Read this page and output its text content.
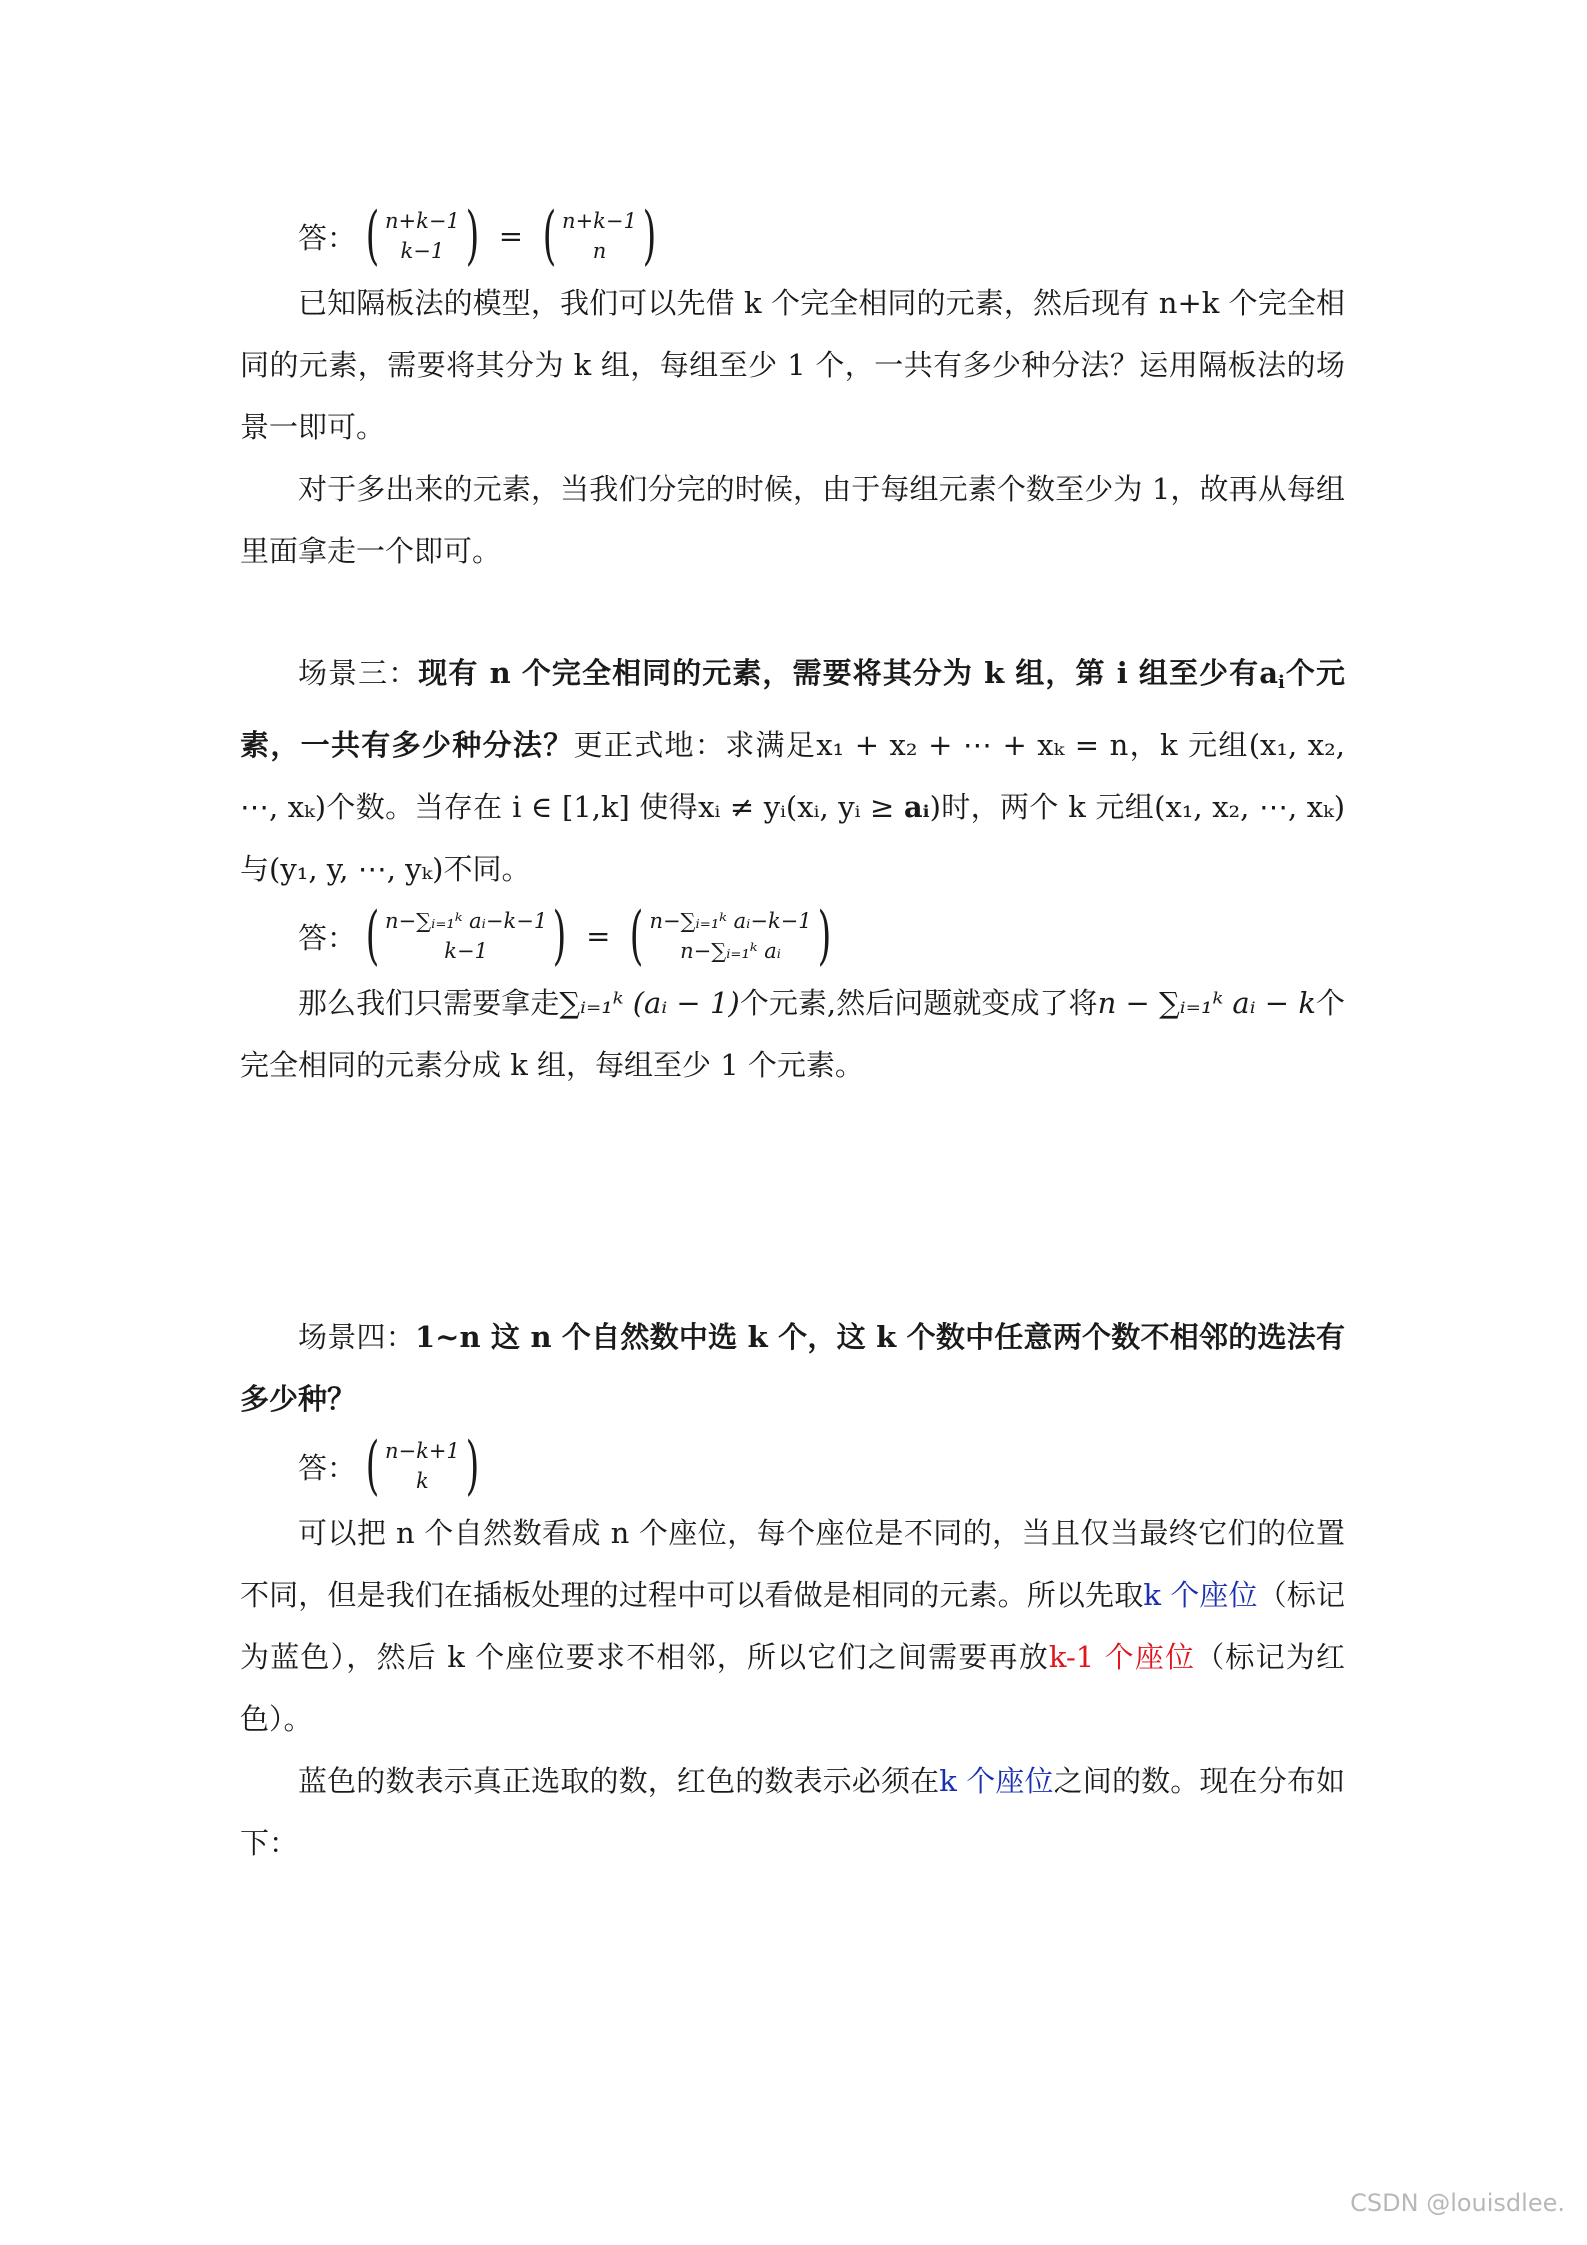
答： ( n+k−1
k−1 ) = ( n+k−1
n )

已知隔板法的模型，我们可以先借 k 个完全相同的元素，然后现有 n+k 个完全相同的元素，需要将其分为 k 组，每组至少 1 个，一共有多少种分法？运用隔板法的场景一即可。

对于多出来的元素，当我们分完的时候，由于每组元素个数至少为 1，故再从每组里面拿走一个即可。

场景三：现有 n 个完全相同的元素，需要将其分为 k 组，第 i 组至少有$a_i$个元素，一共有多少种分法？更正式地：求满足x₁ + x₂ + ⋯ + xₖ = n，k 元组(x₁, x₂, ⋯, xₖ)个数。当存在 i ∈ [1,k] 使得xᵢ ≠ yᵢ(xᵢ, yᵢ ≥ aᵢ)时，两个 k 元组(x₁, x₂, ⋯, xₖ)与(y₁, y, ⋯, yₖ)不同。

答： ( n−∑ᵢ₌₁ᵏ aᵢ−k−1
k−1 ) = ( n−∑ᵢ₌₁ᵏ aᵢ−k−1
n−∑ᵢ₌₁ᵏ aᵢ )

那么我们只需要拿走∑ᵢ₌₁ᵏ (aᵢ − 1)个元素,然后问题就变成了将n − ∑ᵢ₌₁ᵏ aᵢ − k个完全相同的元素分成 k 组，每组至少 1 个元素。

场景四：1~n 这 n 个自然数中选 k 个，这 k 个数中任意两个数不相邻的选法有多少种？

答： ( n−k+1
k )

可以把 n 个自然数看成 n 个座位，每个座位是不同的，当且仅当最终它们的位置不同，但是我们在插板处理的过程中可以看做是相同的元素。所以先取k 个座位（标记为蓝色），然后 k 个座位要求不相邻，所以它们之间需要再放k-1 个座位（标记为红色）。

蓝色的数表示真正选取的数，红色的数表示必须在k 个座位之间的数。现在分布如下：

CSDN @louisdlee.
